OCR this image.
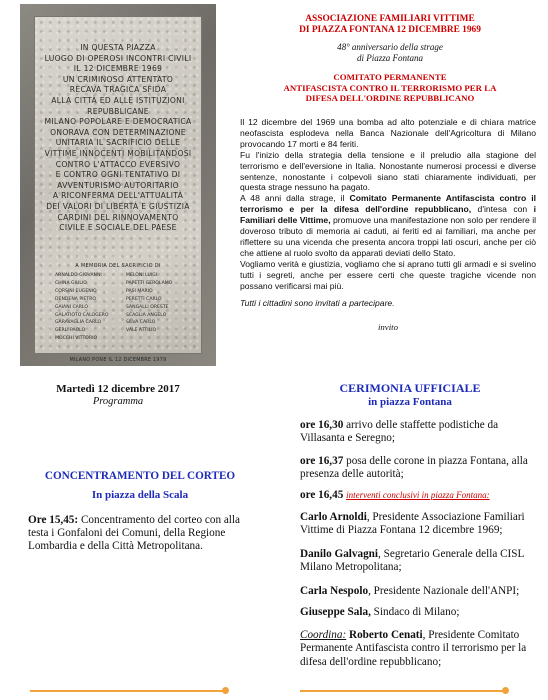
IN QUESTA PIAZZA
LUOGO DI OPEROSI INCONTRI CIVILI
IL 12 DICEMBRE 1969
UN CRIMINOSO ATTENTATO
RECAVA TRAGICA SFIDA
ALLA CITTÀ ED ALLE ISTITUZIONI
REPUBBLICANE
MILANO POPOLARE E DEMOCRATICA
ONORAVA CON DETERMINAZIONE
UNITARIA IL SACRIFICIO DELLE
VITTIME INNOCENTI MOBILITANDOSI
CONTRO L'ATTACCO EVERSIVO
E CONTRO OGNI TENTATIVO DI
AVVENTURISMO AUTORITARIO
A RICONFERMA DELL'ATTUALITÀ
DEI VALORI DI LIBERTÀ E GIUSTIZIA
CARDINI DEL RINNOVAMENTO
CIVILE E SOCIALE DEL PAESE
A MEMORIA DEL SACRIFICIO DI
ARNALDO GIOVANNI	MELONI LUIGI
CHINA GIULIO	PAPETTI GEROLAMO
CORSINI EUGENIO	PASI MARIO
DENDENA PIETRO	PERETTI CARLO
GAIANI CARLO	SANGALLI ORESTE
GALATIOTO CALOGERO	SCAGLIA ANGELO
GARAVAGLIA CARLO	SILVA CARLO
GERLI PAOLO	VALE ATTILIO
MOCCHI VITTORIO
MILANO PONE IL 12 DICEMBRE 1979
ASSOCIAZIONE FAMILIARI VITTIME
DI PIAZZA FONTANA 12 DICEMBRE 1969
48° anniversario della strage
di Piazza Fontana
COMITATO PERMANENTE
ANTIFASCISTA CONTRO IL TERRORISMO PER LA
DIFESA DELL'ORDINE REPUBBLICANO

Il 12 dicembre del 1969 una bomba ad alto potenziale e di chiara matrice neofascista esplodeva nella Banca Nazionale dell'Agricoltura di Milano provocando 17 morti e 84 feriti.

Fu l'inizio della strategia della tensione e il preludio alla stagione del terrorismo e dell'eversione in Italia. Nonostante numerosi processi e diverse sentenze, nonostante i colpevoli siano stati chiaramente individuati, per questa strage nessuno ha pagato.

A 48 anni dalla strage, il Comitato Permanente Antifascista contro il terrorismo e per la difesa dell'ordine repubblicano, d'intesa con i Familiari delle Vittime, promuove una manifestazione non solo per rendere il doveroso tributo di memoria ai caduti, ai feriti ed ai familiari, ma anche per riflettere su una vicenda che presenta ancora troppi lati oscuri, anche per ciò che attiene al ruolo svolto da apparati deviati dello Stato.

Vogliamo verità e giustizia, vogliamo che si aprano tutti gli armadi e si svelino tutti i segreti, anche per essere certi che queste tragiche vicende non possano verificarsi mai più.

Tutti i cittadini sono invitati a partecipare.
invito
Martedì 12 dicembre 2017
Programma
CONCENTRAMENTO DEL CORTEO
In piazza della Scala
Ore 15,45: Concentramento del corteo con alla testa i Gonfaloni dei Comuni, della Regione Lombardia e della Città Metropolitana.
CERIMONIA UFFICIALE
in piazza Fontana
ore 16,30 arrivo delle staffette podistiche da Villasanta e Seregno;
ore 16,37 posa delle corone in piazza Fontana, alla presenza delle autorità;
ore 16,45 interventi conclusivi in piazza Fontana:
Carlo Arnoldi, Presidente Associazione Familiari Vittime di Piazza Fontana 12 dicembre 1969;
Danilo Galvagni, Segretario Generale della CISL Milano Metropolitana;
Carla Nespolo, Presidente Nazionale dell'ANPI;
Giuseppe Sala, Sindaco di Milano;
Coordina: Roberto Cenati, Presidente Comitato Permanente Antifascista contro il terrorismo per la difesa dell'ordine repubblicano;
